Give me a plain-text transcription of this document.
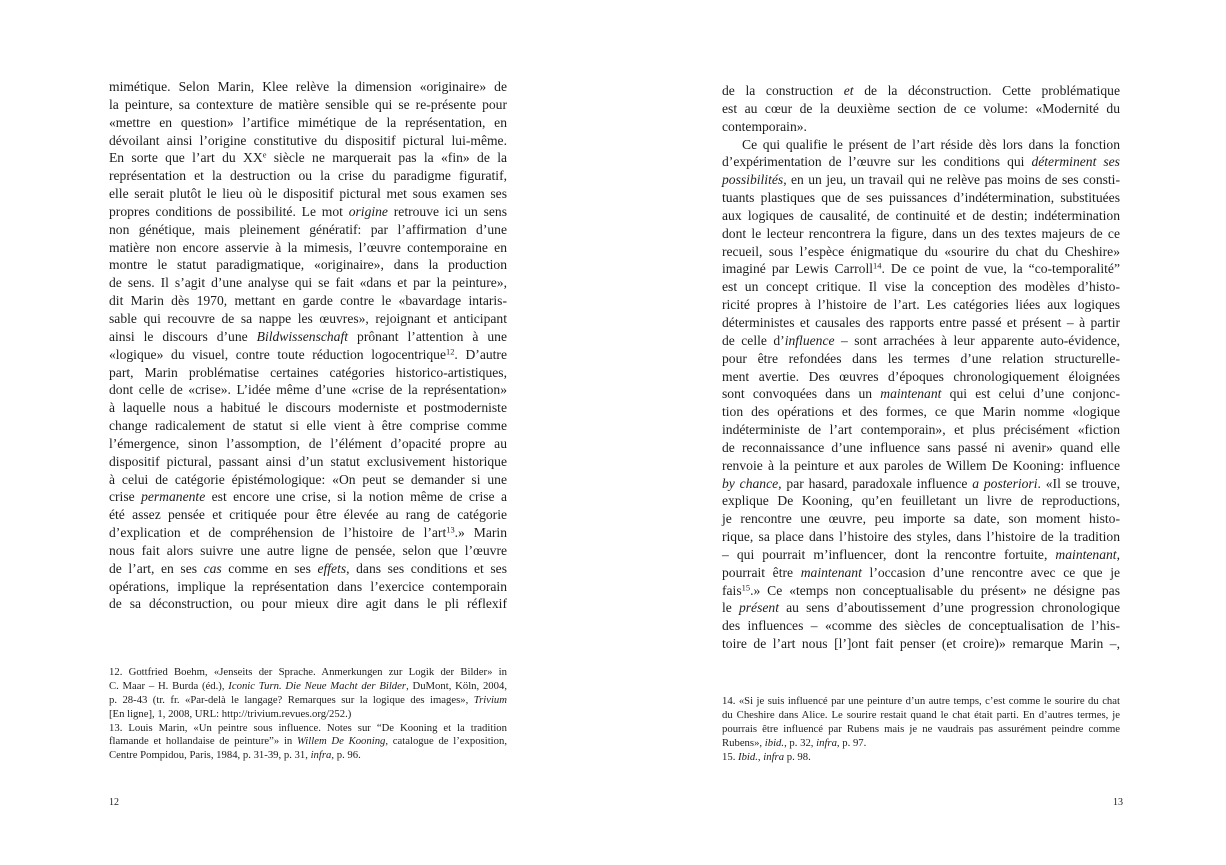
mimétique. Selon Marin, Klee relève la dimension «originaire» de
la peinture, sa contexture de matière sensible qui se re-présente pour
«mettre en question» l’artifice mimétique de la représentation, en
dévoilant ainsi l’origine constitutive du dispositif pictural lui-même.
En sorte que l’art du XXe siècle ne marquerait pas la «fin» de la
représentation et la destruction ou la crise du paradigme figuratif,
elle serait plutôt le lieu où le dispositif pictural met sous examen ses
propres conditions de possibilité. Le mot origine retrouve ici un sens
non génétique, mais pleinement génératif: par l’affirmation d’une
matière non encore asservie à la mimesis, l’œuvre contemporaine en
montre le statut paradigmatique, «originaire», dans la production
de sens. Il s’agit d’une analyse qui se fait «dans et par la peinture»,
dit Marin dès 1970, mettant en garde contre le «bavardage intaris-
sable qui recouvre de sa nappe les œuvres», rejoignant et anticipant
ainsi le discours d’une Bildwissenschaft prônant l’attention à une
«logique» du visuel, contre toute réduction logocentrique$^{12}$. D’autre
part, Marin problématise certaines catégories historico-artistiques,
dont celle de «crise». L’idée même d’une «crise de la représentation»
à laquelle nous a habitué le discours moderniste et postmoderniste
change radicalement de statut si elle vient à être comprise comme
l’émergence, sinon l’assomption, de l’élément d’opacité propre au
dispositif pictural, passant ainsi d’un statut exclusivement historique
à celui de catégorie épistémologique: «On peut se demander si une
crise permanente est encore une crise, si la notion même de crise a
été assez pensée et critiquée pour être élevée au rang de catégorie
d’explication et de compréhension de l’histoire de l’art$^{13}$.» Marin
nous fait alors suivre une autre ligne de pensée, selon que l’œuvre
de l’art, en ses cas comme en ses effets, dans ses conditions et ses
opérations, implique la représentation dans l’exercice contemporain
de sa déconstruction, ou pour mieux dire agit dans le pli réflexif
12. Gottfried Boehm, «Jenseits der Sprache. Anmerkungen zur Logik der Bilder» in
C. Maar – H. Burda (éd.), Iconic Turn. Die Neue Macht der Bilder, DuMont, Köln, 2004,
p. 28-43 (tr. fr. «Par-delà le langage? Remarques sur la logique des images», Trivium
[En ligne], 1, 2008, URL: http://trivium.revues.org/252.)
13. Louis Marin, «Un peintre sous influence. Notes sur “De Kooning et la tradition
flamande et hollandaise de peinture”» in Willem De Kooning, catalogue de l’exposition,
Centre Pompidou, Paris, 1984, p. 31-39, p. 31, infra, p. 96.
12
de la construction et de la déconstruction. Cette problématique
est au cœur de la deuxième section de ce volume: «Modernité du
contemporain».
Ce qui qualifie le présent de l’art réside dès lors dans la fonction
d’expérimentation de l’œuvre sur les conditions qui déterminent ses
possibilités, en un jeu, un travail qui ne relève pas moins de ses consti-
tuants plastiques que de ses puissances d’indétermination, substituées
aux logiques de causalité, de continuité et de destin; indétermination
dont le lecteur rencontrera la figure, dans un des textes majeurs de ce
recueil, sous l’espèce énigmatique du «sourire du chat du Cheshire»
imaginé par Lewis Carroll$^{14}$. De ce point de vue, la “co-temporalité”
est un concept critique. Il vise la conception des modèles d’histo-
ricité propres à l’histoire de l’art. Les catégories liées aux logiques
déterministes et causales des rapports entre passé et présent – à partir
de celle d’influence – sont arrachées à leur apparente auto-évidence,
pour être refondées dans les termes d’une relation structurelle-
ment avertie. Des œuvres d’époques chronologiquement éloignées
sont convoquées dans un maintenant qui est celui d’une conjonc-
tion des opérations et des formes, ce que Marin nomme «logique
indéterministe de l’art contemporain», et plus précisément «fiction
de reconnaissance d’une influence sans passé ni avenir» quand elle
renvoie à la peinture et aux paroles de Willem De Kooning: influence
by chance, par hasard, paradoxale influence a posteriori. «Il se trouve,
explique De Kooning, qu’en feuilletant un livre de reproductions,
je rencontre une œuvre, peu importe sa date, son moment histo-
rique, sa place dans l’histoire des styles, dans l’histoire de la tradition
– qui pourrait m’influencer, dont la rencontre fortuite, maintenant,
pourrait être maintenant l’occasion d’une rencontre avec ce que je
fais$^{15}$.» Ce «temps non conceptualisable du présent» ne désigne pas
le présent au sens d’aboutissement d’une progression chronologique
des influences – «comme des siècles de conceptualisation de l’his-
toire de l’art nous [l’]ont fait penser (et croire)» remarque Marin –,
14. «Si je suis influencé par une peinture d’un autre temps, c’est comme le sourire du chat
du Cheshire dans Alice. Le sourire restait quand le chat était parti. En d’autres termes, je
pourrais être influencé par Rubens mais je ne vaudrais pas assurément peindre comme
Rubens», ibid., p. 32, infra, p. 97.
15. Ibid., infra p. 98.
13
